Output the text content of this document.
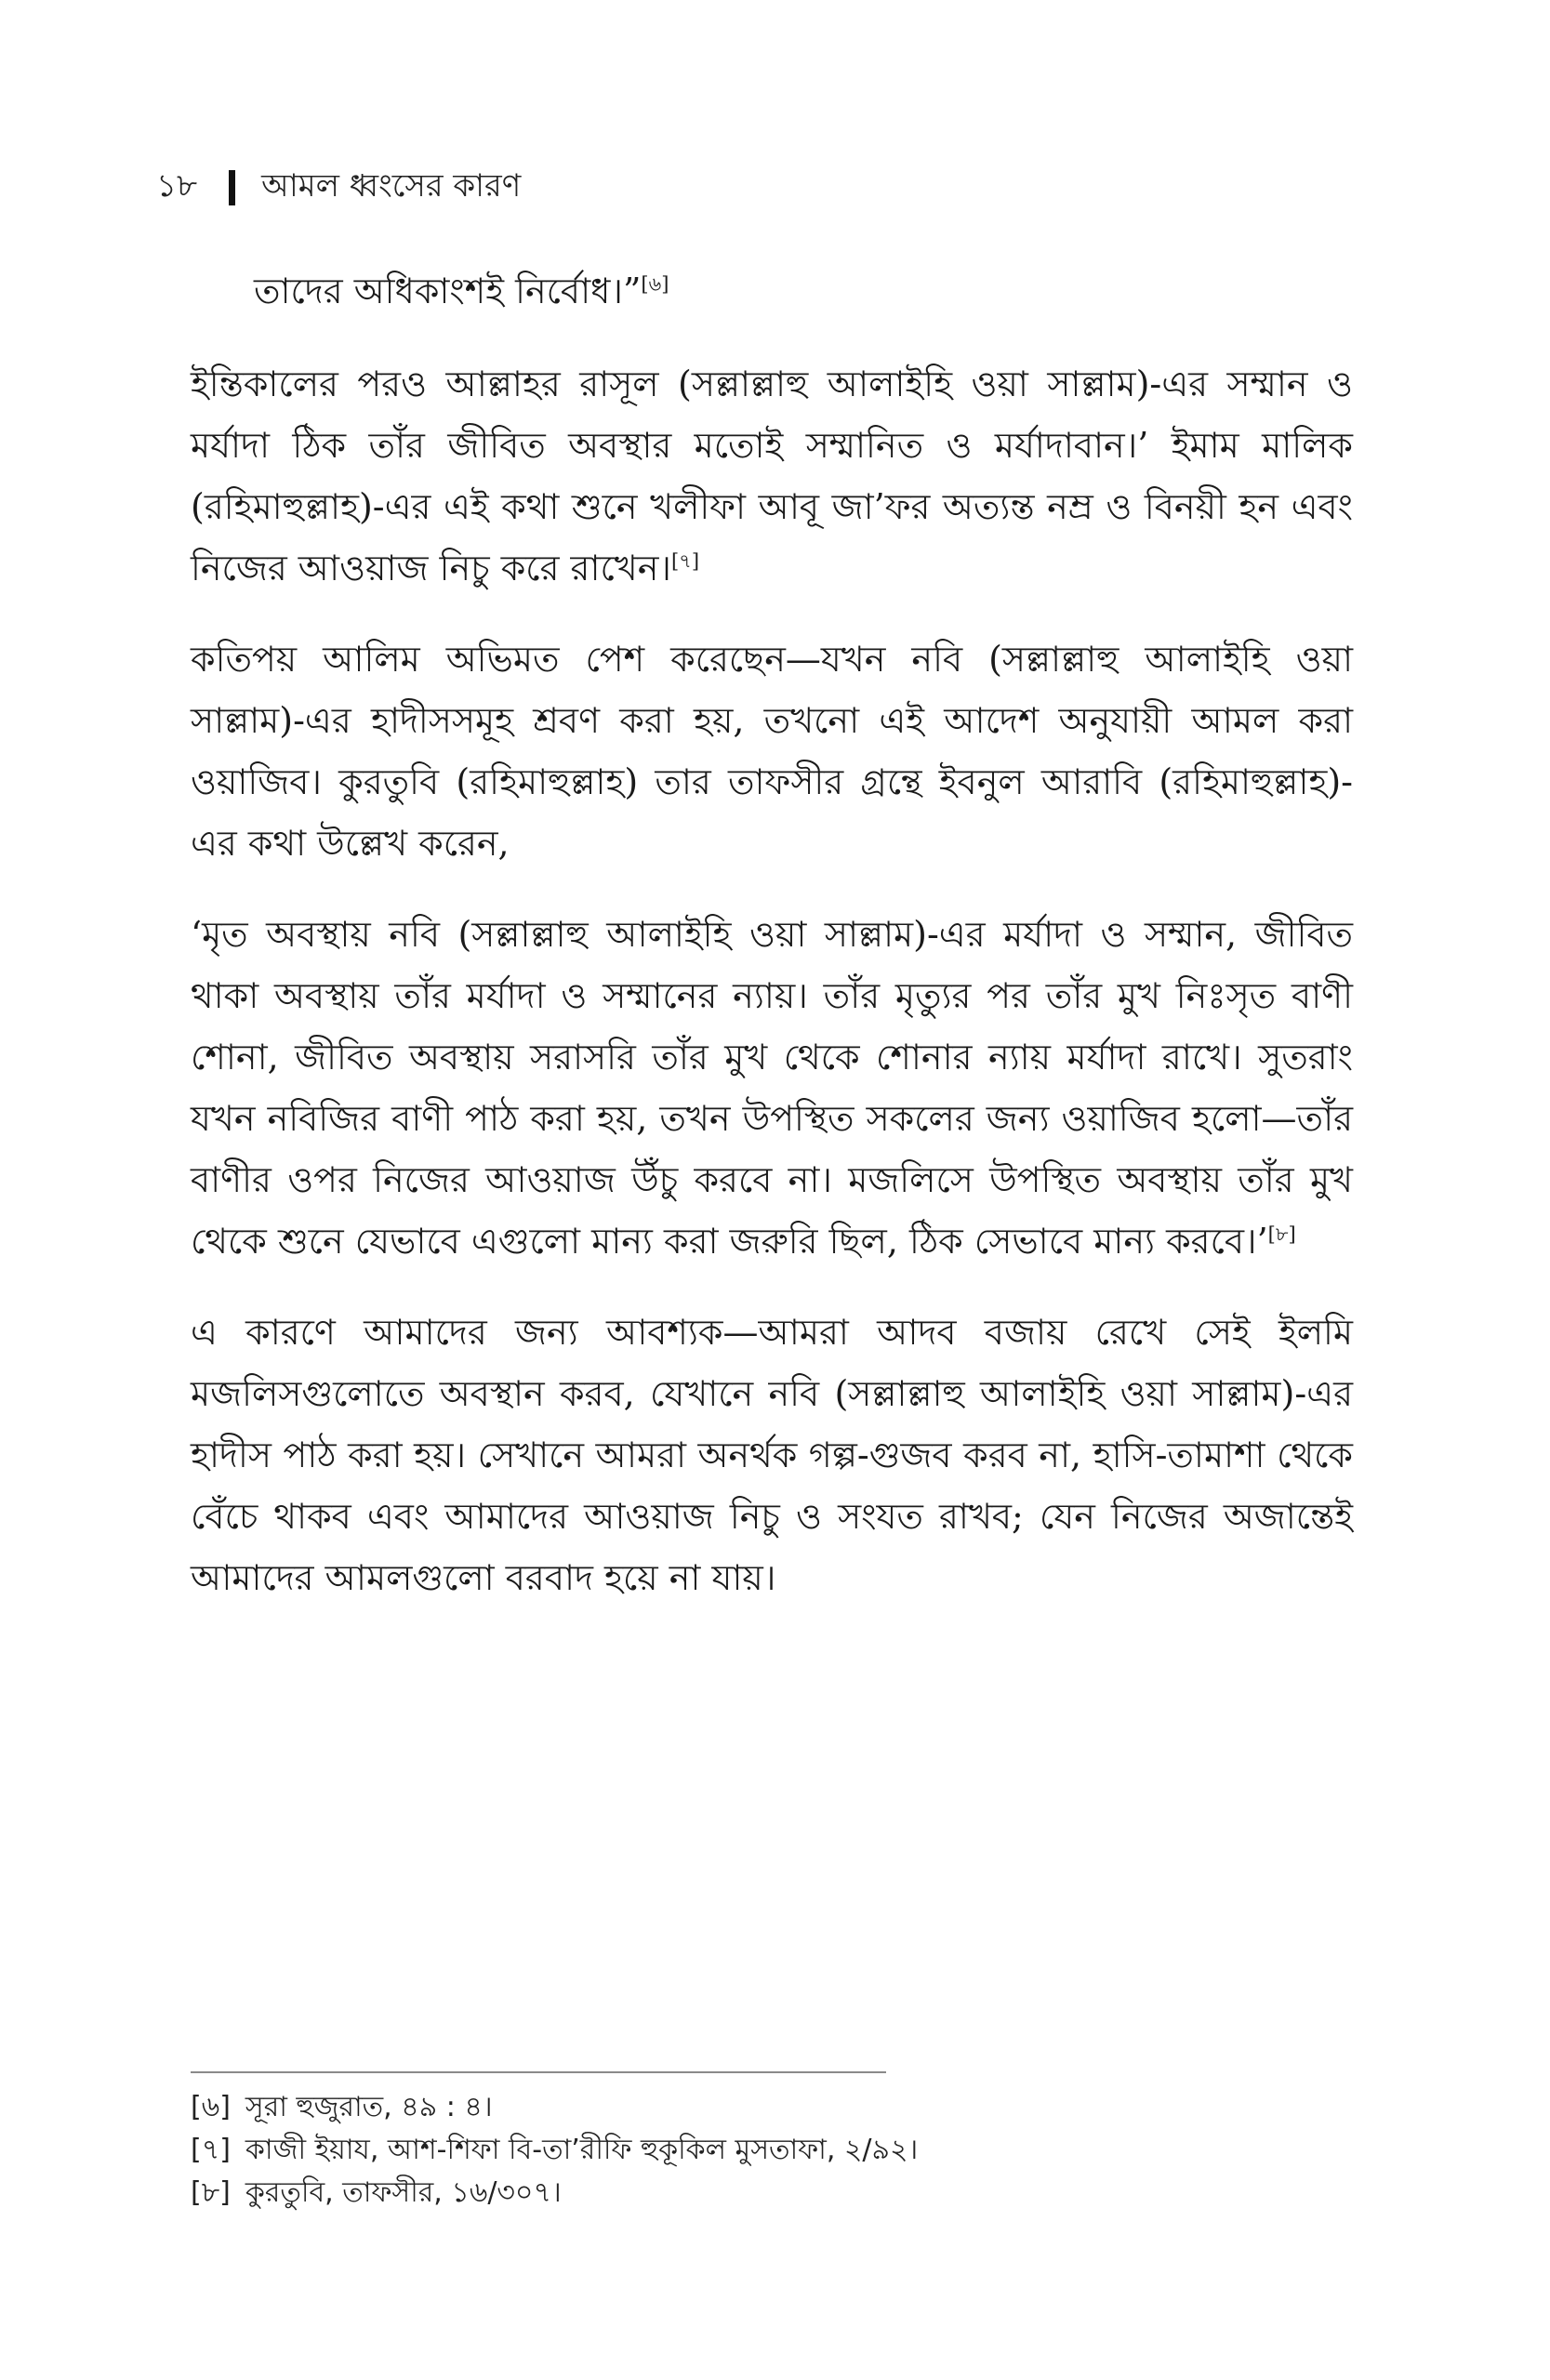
১৮ আমল ধ্বংসের কারণ

তাদের অধিকাংশই নির্বোধ।”[৬]

ইন্তিকালের পরও আল্লাহর রাসূল (সল্লাল্লাহু আলাইহি ওয়া সাল্লাম)-এর সম্মান ও মর্যাদা ঠিক তাঁর জীবিত অবস্থার মতোই সম্মানিত ও মর্যাদাবান।’ ইমাম মালিক (রহিমাহুল্লাহ)-এর এই কথা শুনে খলীফা আবূ জা’ফর অত্যন্ত নম্র ও বিনয়ী হন এবং নিজের আওয়াজ নিচু করে রাখেন।[৭]

কতিপয় আলিম অভিমত পেশ করেছেন—যখন নবি (সল্লাল্লাহু আলাইহি ওয়া সাল্লাম)-এর হাদীসসমূহ শ্রবণ করা হয়, তখনো এই আদেশ অনুযায়ী আমল করা ওয়াজিব। কুরতুবি (রহিমাহুল্লাহ) তার তাফসীর গ্রন্থে ইবনুল আরাবি (রহিমাহুল্লাহ)-এর কথা উল্লেখ করেন,

‘মৃত অবস্থায় নবি (সল্লাল্লাহু আলাইহি ওয়া সাল্লাম)-এর মর্যাদা ও সম্মান, জীবিত থাকা অবস্থায় তাঁর মর্যাদা ও সম্মানের ন্যায়। তাঁর মৃত্যুর পর তাঁর মুখ নিঃসৃত বাণী শোনা, জীবিত অবস্থায় সরাসরি তাঁর মুখ থেকে শোনার ন্যায় মর্যাদা রাখে। সুতরাং যখন নবিজির বাণী পাঠ করা হয়, তখন উপস্থিত সকলের জন্য ওয়াজিব হলো—তাঁর বাণীর ওপর নিজের আওয়াজ উঁচু করবে না। মজলিসে উপস্থিত অবস্থায় তাঁর মুখ থেকে শুনে যেভাবে এগুলো মান্য করা জরুরি ছিল, ঠিক সেভাবে মান্য করবে।’[৮]

এ কারণে আমাদের জন্য আবশ্যক—আমরা আদব বজায় রেখে সেই ইলমি মজলিসগুলোতে অবস্থান করব, যেখানে নবি (সল্লাল্লাহু আলাইহি ওয়া সাল্লাম)-এর হাদীস পাঠ করা হয়। সেখানে আমরা অনর্থক গল্প-গুজব করব না, হাসি-তামাশা থেকে বেঁচে থাকব এবং আমাদের আওয়াজ নিচু ও সংযত রাখব; যেন নিজের অজান্তেই আমাদের আমলগুলো বরবাদ হয়ে না যায়।

[৬] সূরা হুজুরাত, ৪৯ : ৪।
[৭] কাজী ইয়ায, আশ-শিফা বি-তা’রীফি হুকূকিল মুসতাফা, ২/৯২।
[৮] কুরতুবি, তাফসীর, ১৬/৩০৭।
